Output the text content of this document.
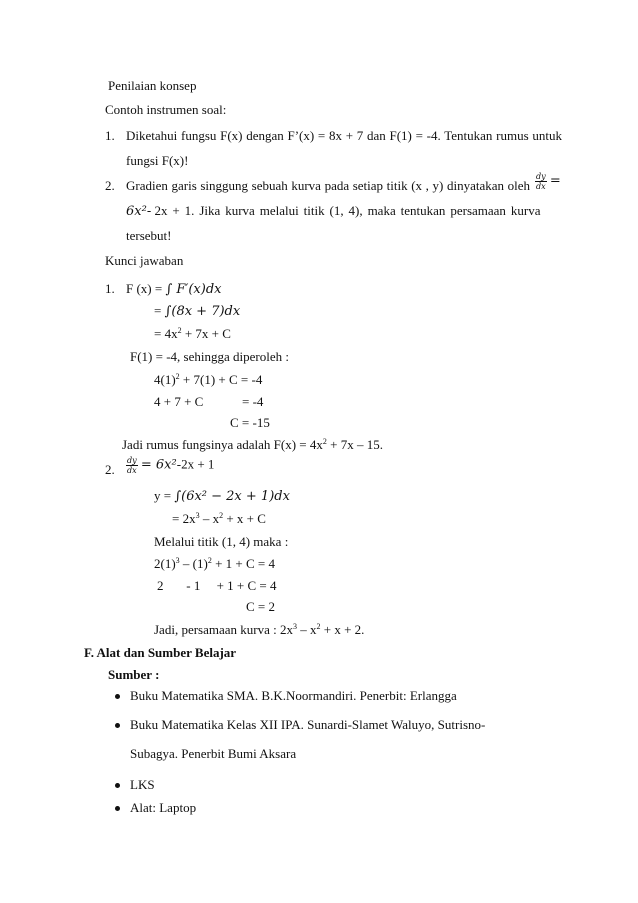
Penilaian konsep
Contoh instrumen soal:
1. Diketahui fungsu F(x) dengan F’(x) = 8x + 7 dan F(1) = -4. Tentukan rumus untuk
fungsi F(x)!
2. Gradien garis singgung sebuah kurva pada setiap titik (x , y) dinyatakan oleh $\frac{dy}{dx}$ =
6x²- 2x + 1. Jika kurva melalui titik (1, 4), maka tentukan persamaan kurva
tersebut!
Kunci jawaban
1. F (x) = ∫ F′(x)dx
= ∫(8x + 7)dx
= $4x^2 + 7x + C$
F(1) = -4, sehingga diperoleh :
$4(1)^2 + 7(1) + C = -4$
4 + 7 + C	= -4
C = -15
Jadi rumus fungsinya adalah $F(x) = 4x^2 + 7x - 15$.
2. $\frac{dy}{dx} = 6x^2-2x + 1$
y = ∫(6x² − 2x + 1)dx
= $2x^3 - x^2 + x + C$
Melalui titik (1, 4) maka :
$2(1)^3 - (1)^2 + 1 + C = 4$
2       - 1     + 1 + C = 4
C = 2
Jadi, persamaan kurva : $2x^3 - x^2 + x + 2$.
F. Alat dan Sumber Belajar
Sumber :
Buku Matematika SMA. B.K.Noormandiri. Penerbit: Erlangga
Buku Matematika Kelas XII IPA. Sunardi-Slamet Waluyo, Sutrisno-
Subagya. Penerbit Bumi Aksara
LKS
Alat: Laptop
